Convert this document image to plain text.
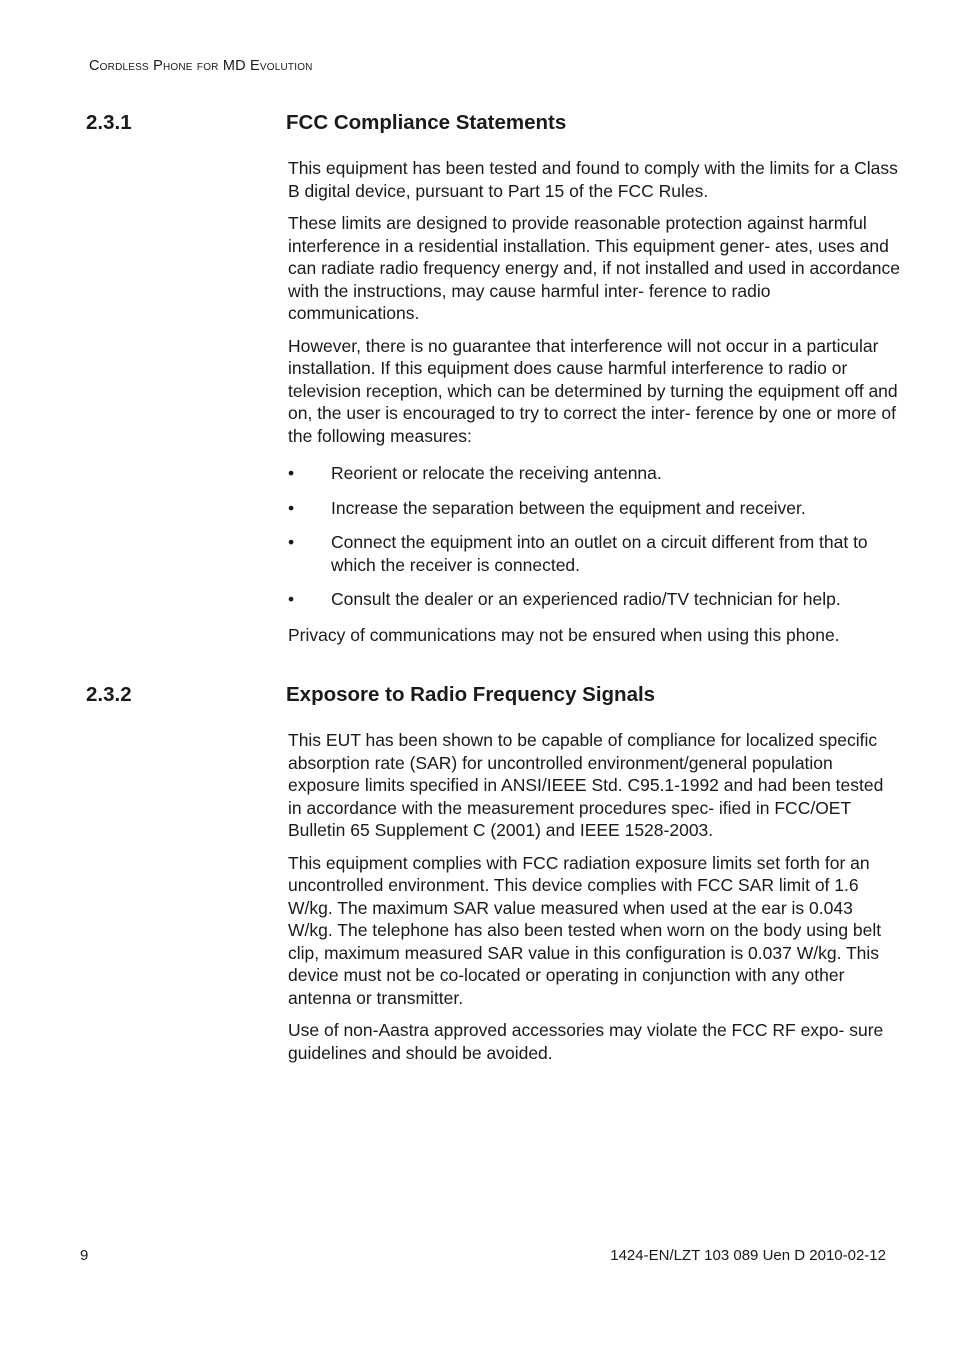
Cordless Phone for MD Evolution
2.3.1	FCC Compliance Statements

This equipment has been tested and found to comply with the limits for a Class B digital device, pursuant to Part 15 of the FCC Rules.

These limits are designed to provide reasonable protection against harmful interference in a residential installation. This equipment gener- ates, uses and can radiate radio frequency energy and, if not installed and used in accordance with the instructions, may cause harmful inter- ference to radio communications.

However, there is no guarantee that interference will not occur in a particular installation. If this equipment does cause harmful interference to radio or television reception, which can be determined by turning the equipment off and on, the user is encouraged to try to correct the inter- ference by one or more of the following measures:

• Reorient or relocate the receiving antenna.
• Increase the separation between the equipment and receiver.
• Connect the equipment into an outlet on a circuit different from that to which the receiver is connected.
• Consult the dealer or an experienced radio/TV technician for help.

Privacy of communications may not be ensured when using this phone.

2.3.2	Exposore to Radio Frequency Signals

This EUT has been shown to be capable of compliance for localized specific absorption rate (SAR) for uncontrolled environment/general population exposure limits specified in ANSI/IEEE Std. C95.1-1992 and had been tested in accordance with the measurement procedures spec- ified in FCC/OET Bulletin 65 Supplement C (2001) and IEEE 1528-2003.

This equipment complies with FCC radiation exposure limits set forth for an uncontrolled environment. This device complies with FCC SAR limit of 1.6 W/kg. The maximum SAR value measured when used at the ear is 0.043 W/kg. The telephone has also been tested when worn on the body using belt clip, maximum measured SAR value in this configuration is 0.037 W/kg. This device must not be co-located or operating in conjunction with any other antenna or transmitter.

Use of non-Aastra approved accessories may violate the FCC RF expo- sure guidelines and should be avoided.

9	1424-EN/LZT 103 089 Uen D 2010-02-12
